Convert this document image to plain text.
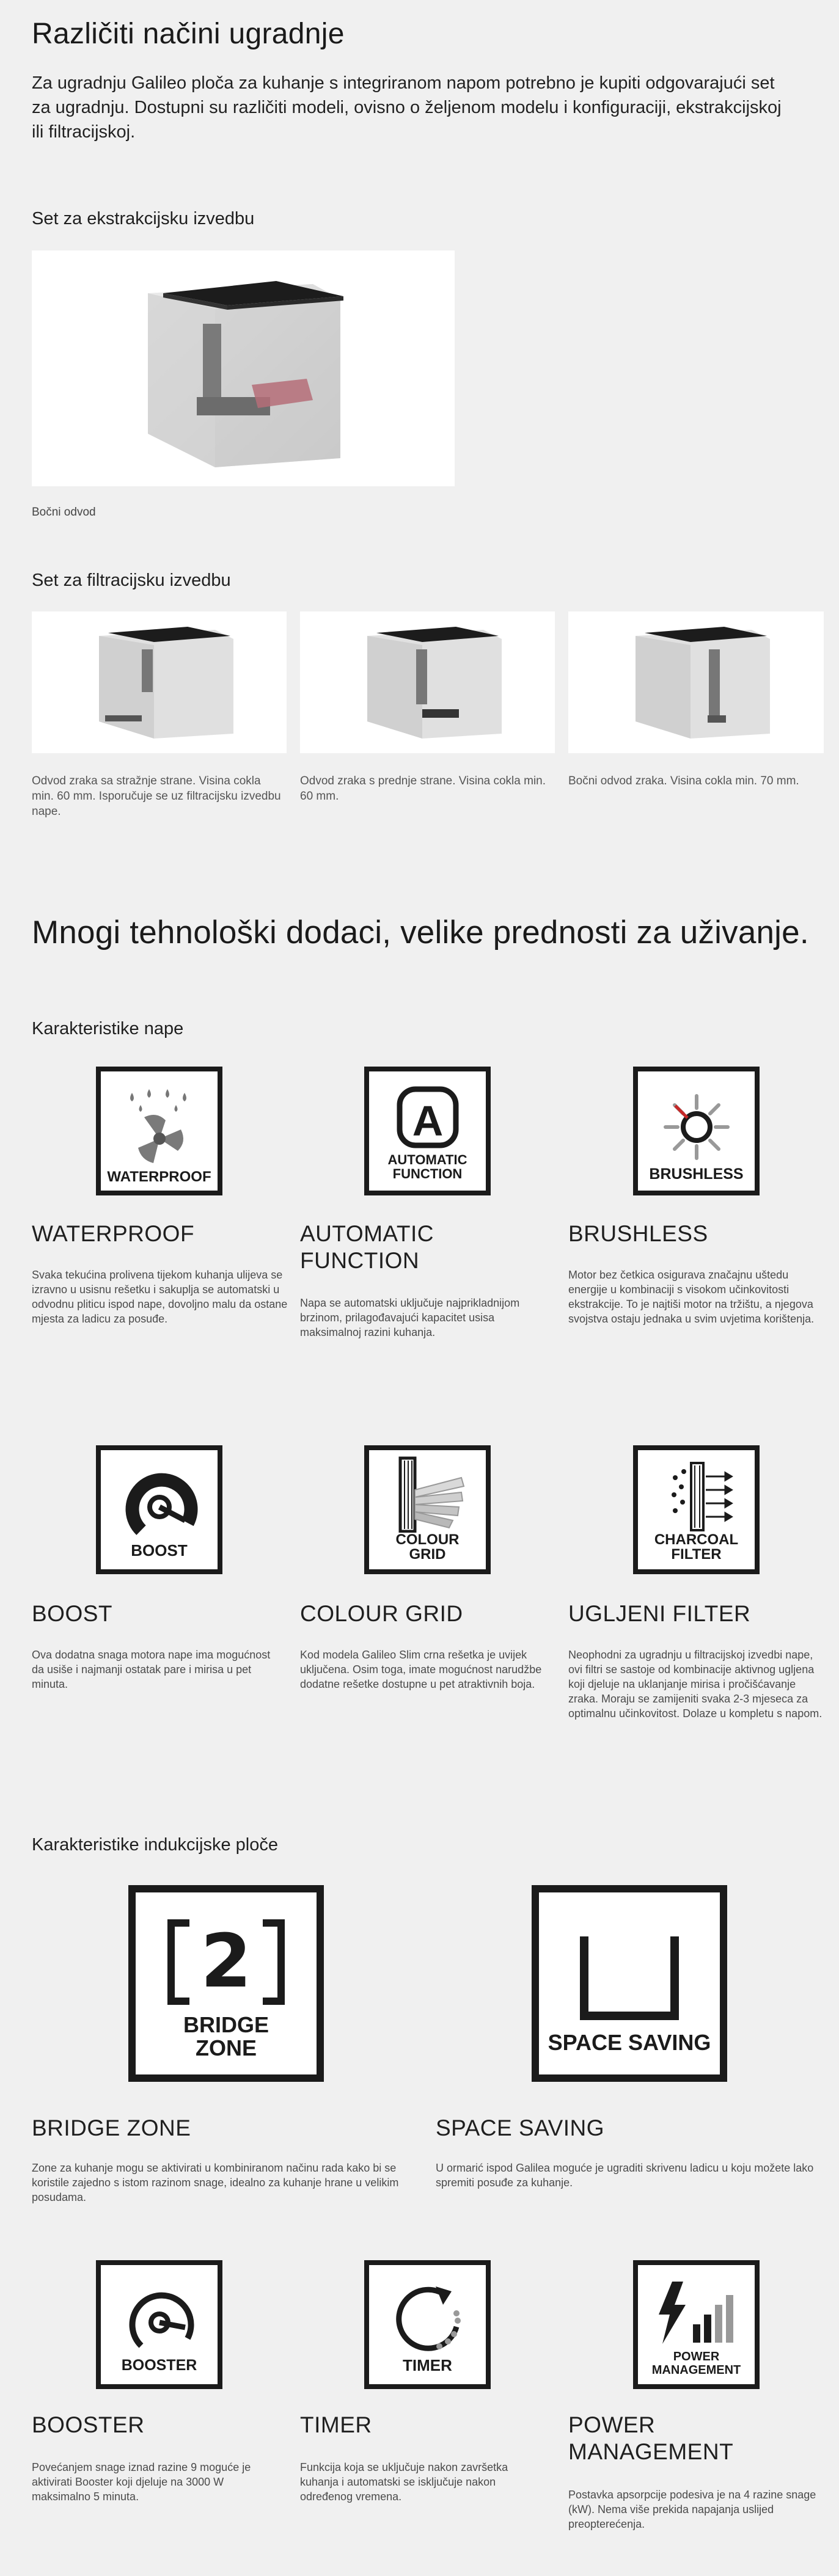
Različiti načini ugradnje

Za ugradnju Galileo ploča za kuhanje s integriranom napom potrebno je kupiti odgovarajući set za ugradnju. Dostupni su različiti modeli, ovisno o željenom modelu i konfiguraciji, ekstrakcijskoj ili filtracijskoj.

Set za ekstrakcijsku izvedbu
Bočni odvod
Set za filtracijsku izvedbu
Odvod zraka sa stražnje strane. Visina cokla min. 60 mm. Isporučuje se uz filtracijsku izvedbu nape.
Odvod zraka s prednje strane. Visina cokla min. 60 mm.
Bočni odvod zraka. Visina cokla min. 70 mm.
Mnogi tehnološki dodaci, velike prednosti za uživanje.
Karakteristike nape
WATERPROOF
A
AUTOMATIC FUNCTION	BRUSHLESS
WATERPROOF	AUTOMATIC FUNCTION
BRUSHLESS
Svaka tekućina prolivena tijekom kuhanja ulijeva se izravno u usisnu rešetku i sakuplja se automatski u odvodnu pliticu ispod nape, dovoljno malu da ostane mjesta za ladicu za posuđe.
Napa se automatski uključuje najprikladnijom brzinom, prilagođavajući kapacitet usisa maksimalnoj razini kuhanja.
Motor bez četkica osigurava značajnu uštedu energije u kombinaciji s visokom učinkovitosti ekstrakcije. To je najtiši motor na tržištu, a njegova svojstva ostaju jednaka u svim uvjetima korištenja.
BOOST
COLOUR GRID
CHARCOAL FILTER
BOOST	COLOUR GRID	UGLJENI FILTER
Ova dodatna snaga motora nape ima mogućnost da usiše i najmanji ostatak pare i mirisa u pet minuta.
Kod modela Galileo Slim crna rešetka je uvijek uključena. Osim toga, imate mogućnost narudžbe dodatne rešetke dostupne u pet atraktivnih boja.
Neophodni za ugradnju u filtracijskoj izvedbi nape, ovi filtri se sastoje od kombinacije aktivnog ugljena koji djeluje na uklanjanje mirisa i pročišćavanje zraka. Moraju se zamijeniti svaka 2-3 mjeseca za optimalnu učinkovitost. Dolaze u kompletu s napom.
Karakteristike indukcijske ploče
2
BRIDGE ZONE	SPACE SAVING
BRIDGE ZONE	SPACE SAVING
Zone za kuhanje mogu se aktivirati u kombiniranom načinu rada kako bi se koristile zajedno s istom razinom snage, idealno za kuhanje hrane u velikim posudama.
U ormarić ispod Galilea moguće je ugraditi skrivenu ladicu u koju možete lako spremiti posuđe za kuhanje.
BOOSTER	TIMER	POWER MANAGEMENT
BOOSTER	TIMER	POWER MANAGEMENT
Povećanjem snage iznad razine 9 moguće je aktivirati Booster koji djeluje na 3000 W maksimalno 5 minuta.
Funkcija koja se uključuje nakon završetka kuhanja i automatski se isključuje nakon određenog vremena.	Postavka apsorpcije podesiva je na 4 razine snage (kW). Nema više prekida napajanja uslijed preopterećenja.
